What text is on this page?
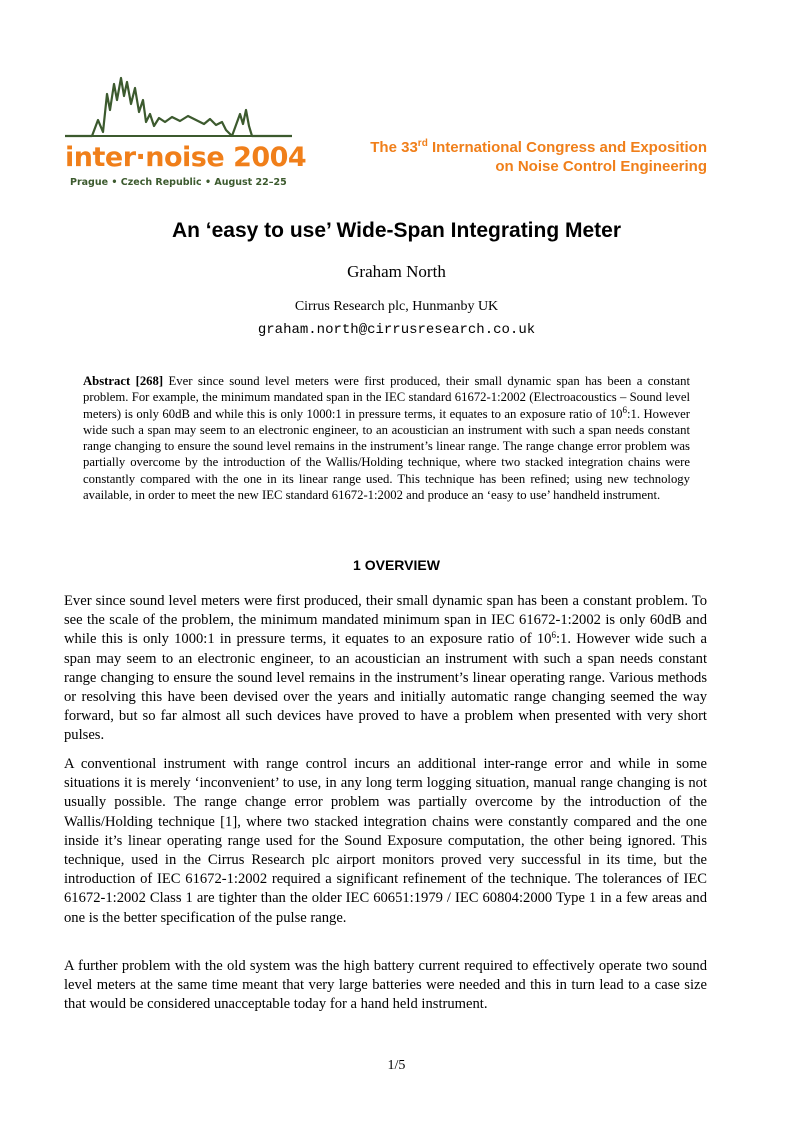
inter·noise 2004
Prague • Czech Republic • August 22–25
The 33rd International Congress and Exposition
on Noise Control Engineering
An ‘easy to use’ Wide-Span Integrating Meter
Graham North
Cirrus Research plc, Hunmanby UK
graham.north@cirrusresearch.co.uk
Abstract [268] Ever since sound level meters were first produced, their small dynamic span has been a constant problem. For example, the minimum mandated span in the IEC standard 61672-1:2002 (Electroacoustics – Sound level meters) is only 60dB and while this is only 1000:1 in pressure terms, it equates to an exposure ratio of $10^6:1$. However wide such a span may seem to an electronic engineer, to an acoustician an instrument with such a span needs constant range changing to ensure the sound level remains in the instrument’s linear range. The range change error problem was partially overcome by the introduction of the Wallis/Holding technique, where two stacked integration chains were constantly compared with the one in its linear range used. This technique has been refined; using new technology available, in order to meet the new IEC standard 61672-1:2002 and produce an ‘easy to use’ handheld instrument.
1 OVERVIEW

Ever since sound level meters were first produced, their small dynamic span has been a constant problem. To see the scale of the problem, the minimum mandated minimum span in IEC 61672-1:2002 is only 60dB and while this is only 1000:1 in pressure terms, it equates to an exposure ratio of $10^6:1$. However wide such a span may seem to an electronic engineer, to an acoustician an instrument with such a span needs constant range changing to ensure the sound level remains in the instrument’s linear operating range. Various methods or resolving this have been devised over the years and initially automatic range changing seemed the way forward, but so far almost all such devices have proved to have a problem when presented with very short pulses.

A conventional instrument with range control incurs an additional inter-range error and while in some situations it is merely ‘inconvenient’ to use, in any long term logging situation, manual range changing is not usually possible. The range change error problem was partially overcome by the introduction of the Wallis/Holding technique [1], where two stacked integration chains were constantly compared and the one inside it’s linear operating range used for the Sound Exposure computation, the other being ignored. This technique, used in the Cirrus Research plc airport monitors proved very successful in its time, but the introduction of IEC 61672-1:2002 required a significant refinement of the technique. The tolerances of IEC 61672-1:2002 Class 1 are tighter than the older IEC 60651:1979 / IEC 60804:2000 Type 1 in a few areas and one is the better specification of the pulse range.

A further problem with the old system was the high battery current required to effectively operate two sound level meters at the same time meant that very large batteries were needed and this in turn lead to a case size that would be considered unacceptable today for a hand held instrument.

1/5
